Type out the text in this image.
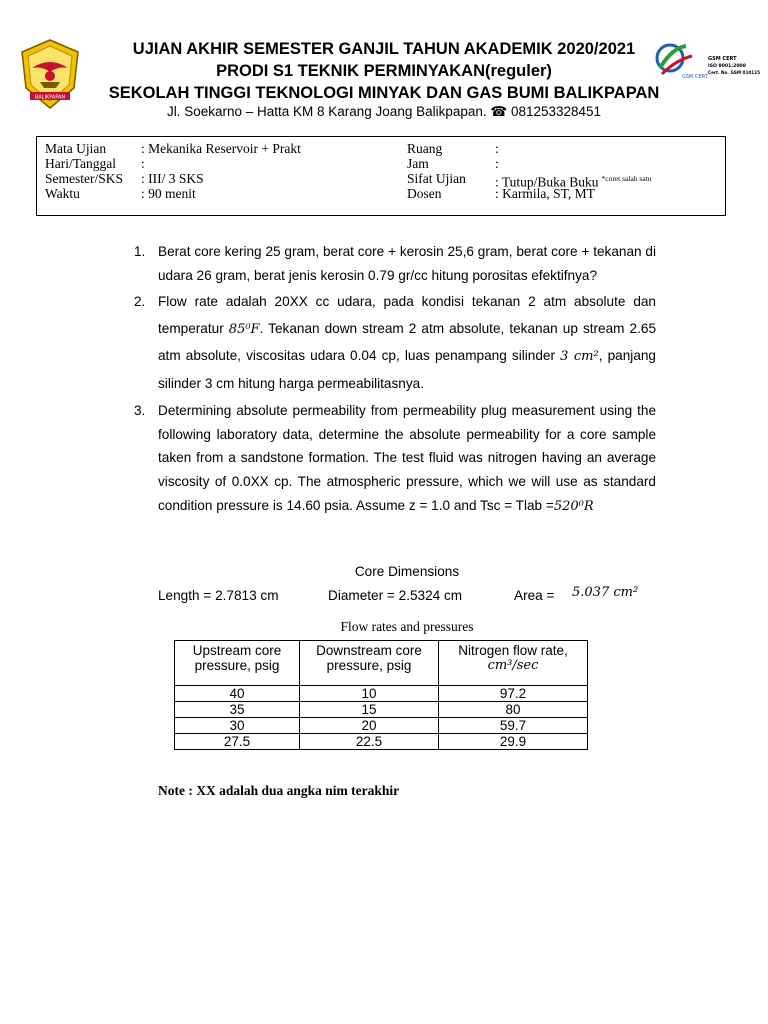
BALIKPAPAN
UJIAN AKHIR SEMESTER GANJIL TAHUN AKADEMIK 2020/2021
PRODI S1 TEKNIK PERMINYAKAN(reguler)
SEKOLAH TINGGI TEKNOLOGI MINYAK DAN GAS BUMI BALIKPAPAN
Jl. Soekarno – Hatta KM 8 Karang Joang Balikpapan. ☎ 081253328451
GSM CERT
GSM CERT
ISO 9001:2008
Cert. No. GSM 010115
Mata Ujian	: Mekanika Reservoir + Prakt	Ruang	:
Hari/Tanggal :	Jam	:
Semester/SKS : III/ 3 SKS	Sifat Ujian : Tutup/Buka Buku $^{*coret salah satu}$
Waktu	: 90 menit	Dosen	: Karmila, ST, MT
1. Berat core kering 25 gram, berat core + kerosin 25,6 gram, berat core + tekanan di udara 26 gram, berat jenis kerosin 0.79 gr/cc hitung porositas efektifnya?
2. Flow rate adalah 20XX cc udara, pada kondisi tekanan 2 atm absolute dan temperatur 85⁰F. Tekanan down stream 2 atm absolute, tekanan up stream 2.65 atm absolute, viscositas udara 0.04 cp, luas penampang silinder 3 cm², panjang silinder 3 cm hitung harga permeabilitasnya.
3. Determining absolute permeability from permeability plug measurement using the following laboratory data, determine the absolute permeability for a core sample taken from a sandstone formation. The test fluid was nitrogen having an average viscosity of 0.0XX cp. The atmospheric pressure, which we will use as standard condition pressure is 14.60 psia. Assume z = 1.0 and Tsc = Tlab =520⁰R
Core Dimensions
Length = 2.7813 cm	Diameter = 2.5324 cm	Area = 5.037 cm²
Flow rates and pressures
Upstream core pressure, psig	Downstream core pressure, psig	Nitrogen flow rate,
cm³/sec

40	10	97.2
35	15	80
30	20	59.7
27.5	22.5	29.9
Note : XX adalah dua angka nim terakhir
